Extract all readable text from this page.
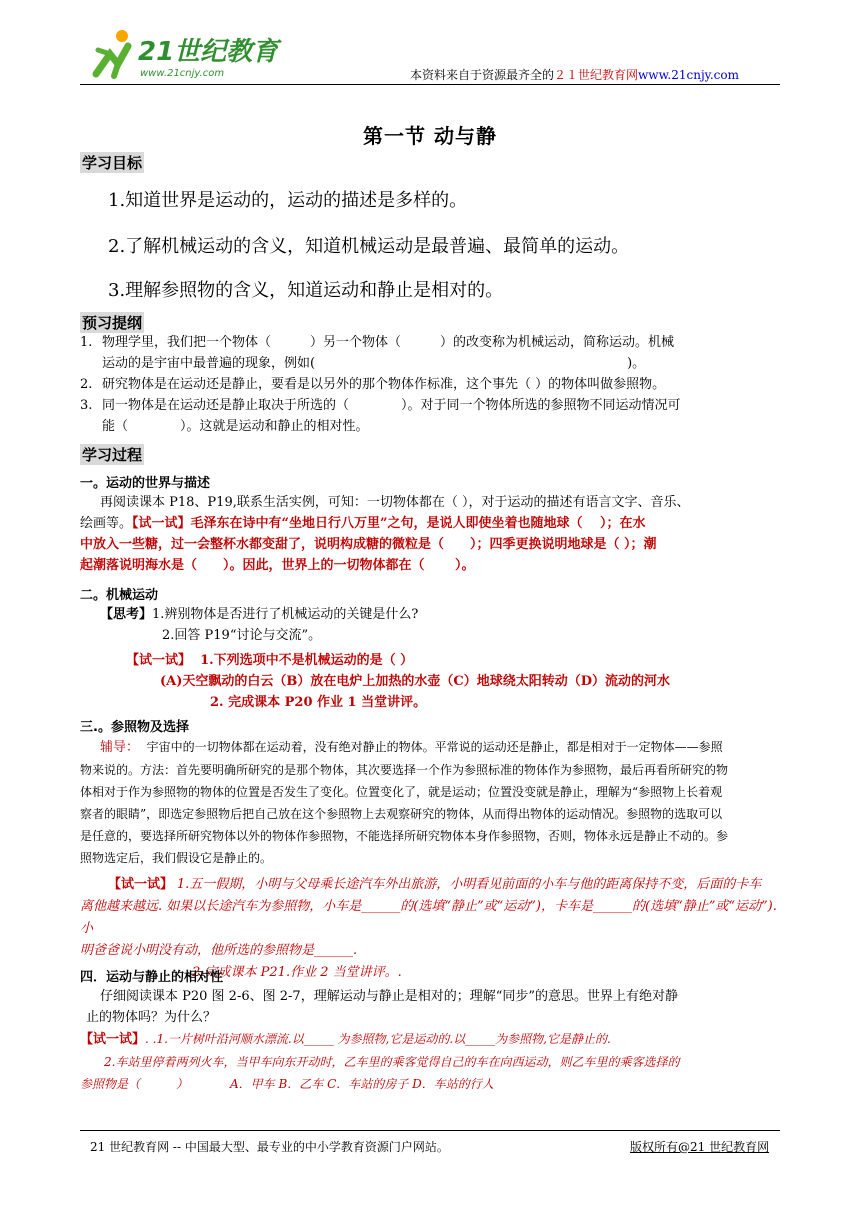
21世纪教育
www.21cnjy.com	本资料来自于资源最齐全的２１世纪教育网www.21cnjy.com
第一节 动与静
学习目标
1.知道世界是运动的，运动的描述是多样的。
2.了解机械运动的含义，知道机械运动是最普遍、最简单的运动。
3.理解参照物的含义，知道运动和静止是相对的。
预习提纲
1. 物理学里，我们把一个物体（　　　）另一个物体（　　　）的改变称为机械运动，简称运动。机械
运动的是宇宙中最普遍的现象，例如(　　　　　　　　　　　　　　　　　　　　　　　　)。
2. 研究物体是在运动还是静止，要看是以另外的那个物体作标准，这个事先（ ）的物体叫做参照物。
3. 同一物体是在运动还是静止取决于所选的（　　　　）。对于同一个物体所选的参照物不同运动情况可
能（　　　　）。这就是运动和静止的相对性。
学习过程
一。运动的世界与描述
再阅读课本 P18、P19,联系生活实例，可知：一切物体都在（ ），对于运动的描述有语言文字、音乐、
绘画等。【试一试】毛泽东在诗中有“坐地日行八万里”之句，是说人即使坐着也随地球（　 ）；在水
中放入一些糖，过一会整杯水都变甜了，说明构成糖的微粒是（　　）；四季更换说明地球是（ ）；潮
起潮落说明海水是（　　）。因此，世界上的一切物体都在（　　 ）。
二。机械运动
【思考】1.辨别物体是否进行了机械运动的关键是什么?
2.回答 P19“讨论与交流”。
【试一试】 1.下列选项中不是机械运动的是（ ）
(A)天空飘动的白云（B）放在电炉上加热的水壶（C）地球绕太阳转动（D）流动的河水
2. 完成课本 P20 作业 1 当堂讲评。
三.。参照物及选择
辅导： 宇宙中的一切物体都在运动着，没有绝对静止的物体。平常说的运动还是静止，都是相对于一定物体——参照
物来说的。方法：首先要明确所研究的是那个物体，其次要选择一个作为参照标准的物体作为参照物，最后再看所研究的物
体相对于作为参照物的物体的位置是否发生了变化。位置变化了，就是运动；位置没变就是静止，理解为“参照物上长着观
察者的眼睛”，即选定参照物后把自己放在这个参照物上去观察研究的物体，从而得出物体的运动情况。参照物的选取可以
是任意的，要选择所研究物体以外的物体作参照物，不能选择所研究物体本身作参照物，否则，物体永远是静止不动的。参
照物选定后，我们假设它是静止的。
【试一试】 1.五一假期，小明与父母乘长途汽车外出旅游，小明看见前面的小车与他的距离保持不变，后面的卡车
离他越来越远. 如果以长途汽车为参照物，小车是______的(选填“静止”或“运动”)，卡车是______的(选填“静止”或“运动”). 小
明爸爸说小明没有动，他所选的参照物是______.
.2.完成课本 P21.作业 2 当堂讲评。.
四．运动与静止的相对性
仔细阅读课本 P20 图 2-6、图 2-7，理解运动与静止是相对的；理解“同步”的意思。世界上有绝对静
止的物体吗？为什么？
【试一试】. .1.一片树叶沿河顺水漂流.以_____ 为参照物,它是运动的.以_____为参照物,它是静止的.
2.车站里停着两列火车，当甲车向东开动时，乙车里的乘客觉得自己的车在向西运动，则乙车里的乘客选择的
参照物是（　　　）　　　　A．甲车 B．乙车 C．车站的房子 D．车站的行人
21 世纪教育网 -- 中国最大型、最专业的中小学教育资源门户网站。	版权所有@21 世纪教育网
